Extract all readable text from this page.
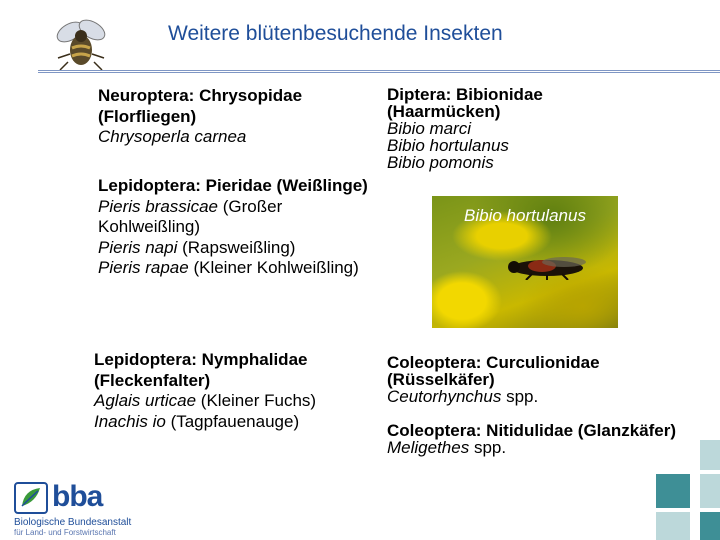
Weitere blütenbesuchende Insekten
Neuroptera: Chrysopidae (Florfliegen)
Chrysoperla carnea
Lepidoptera: Pieridae (Weißlinge)
Pieris brassicae (Großer Kohlweißling)
Pieris napi (Rapsweißling)
Pieris rapae (Kleiner Kohlweißling)
Lepidoptera: Nymphalidae (Fleckenfalter)
Aglais urticae (Kleiner Fuchs)
Inachis io (Tagpfauenauge)
Diptera: Bibionidae (Haarmücken)
Bibio marci
Bibio hortulanus
Bibio pomonis
Bibio hortulanus
Coleoptera: Curculionidae (Rüsselkäfer)
Ceutorhynchus spp.
Coleoptera: Nitidulidae (Glanzkäfer)
Meligethes spp.
bba
Biologische Bundesanstalt
für Land- und Forstwirtschaft
